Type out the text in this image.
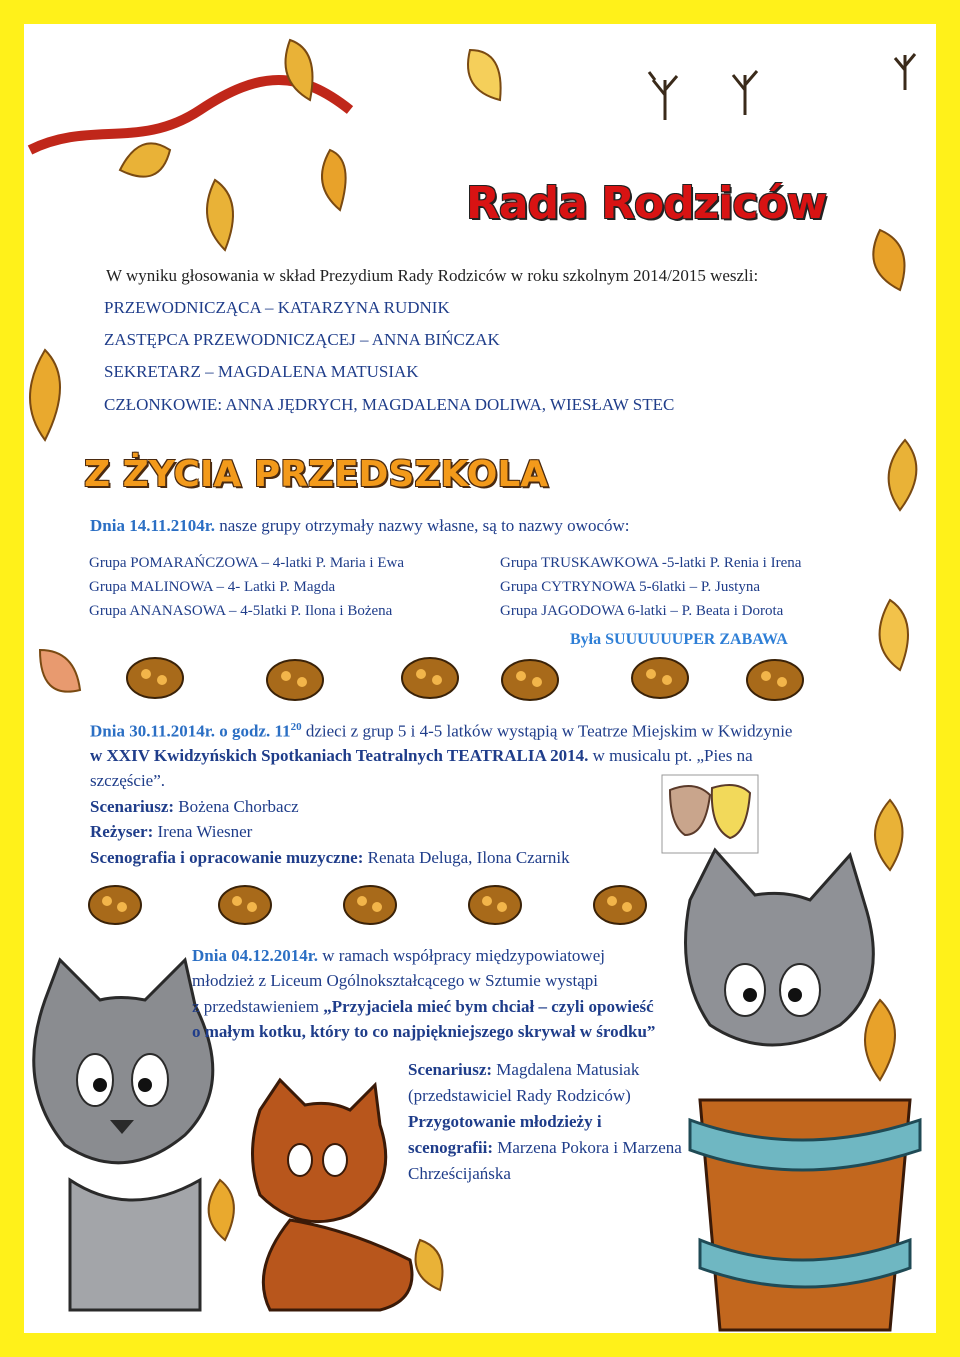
Rada Rodziców
W wyniku głosowania w skład Prezydium Rady Rodziców w roku szkolnym 2014/2015 weszli:
PRZEWODNICZĄCA – KATARZYNA RUDNIK
ZASTĘPCA PRZEWODNICZĄCEJ – ANNA BIŃCZAK
SEKRETARZ – MAGDALENA MATUSIAK
CZŁONKOWIE: ANNA JĘDRYCH, MAGDALENA DOLIWA, WIESŁAW STEC
Z ŻYCIA PRZEDSZKOLA
Dnia 14.11.2104r. nasze grupy otrzymały nazwy własne, są to nazwy owoców:
Grupa POMARAŃCZOWA – 4-latki P. Maria i Ewa
Grupa MALINOWA – 4- Latki P. Magda
Grupa ANANASOWA – 4-5latki P. Ilona i Bożena
Grupa TRUSKAWKOWA -5-latki P. Renia i Irena
Grupa CYTRYNOWA 5-6latki – P. Justyna
Grupa JAGODOWA 6-latki – P. Beata i Dorota
Była SUUUUUUPER ZABAWA
Dnia 30.11.2014r. o godz. $11^{20}$ dzieci z grup 5 i 4-5 latków wystąpią w Teatrze Miejskim w Kwidzynie
w XXIV Kwidzyńskich Spotkaniach Teatralnych TEATRALIA 2014. w musicalu pt. „Pies na
szczęście”.
Scenariusz: Bożena Chorbacz
Reżyser: Irena Wiesner
Scenografia i opracowanie muzyczne: Renata Deluga, Ilona Czarnik
Dnia 04.12.2014r. w ramach współpracy międzypowiatowej
młodzież z Liceum Ogólnokształcącego w Sztumie wystąpi
z przedstawieniem „Przyjaciela mieć bym chciał – czyli opowieść
o małym kotku, który to co najpiękniejszego skrywał w środku”
Scenariusz: Magdalena Matusiak
(przedstawiciel Rady Rodziców)
Przygotowanie młodzieży i
scenografii: Marzena Pokora i Marzena
Chrześcijańska
